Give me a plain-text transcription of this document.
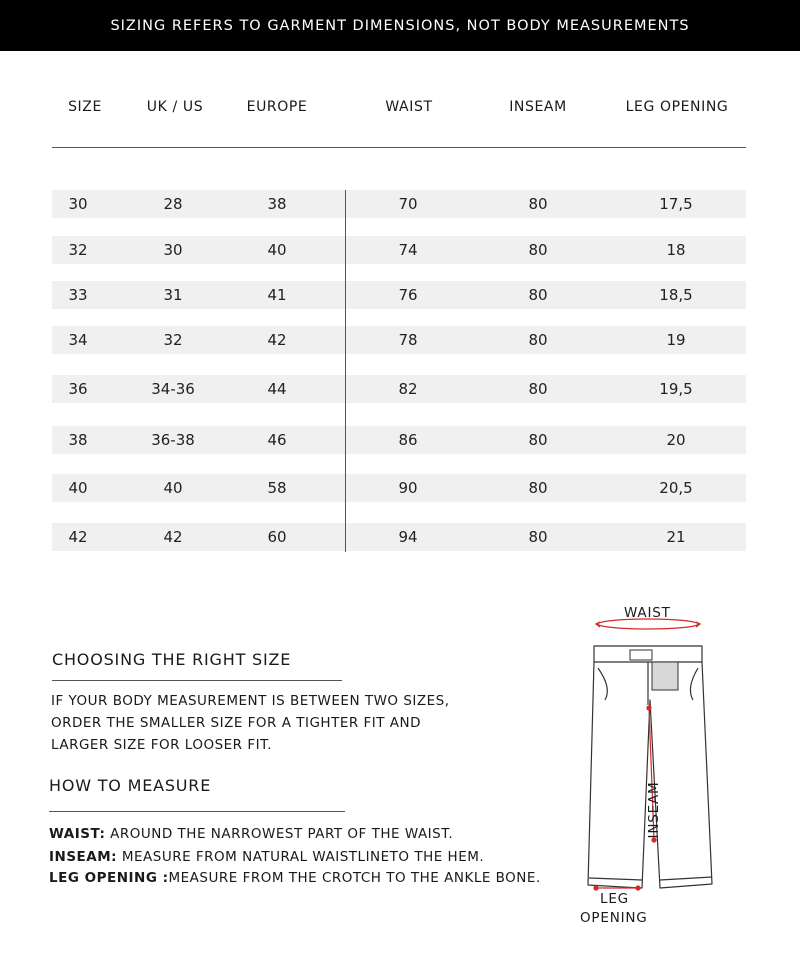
SIZING REFERS TO GARMENT DIMENSIONS, NOT BODY MEASUREMENTS
SIZE	UK / US	EUROPE	WAIST	INSEAM	LEG OPENING
30	28	38	70	80	17,5
32	30	40	74	80	18
33	31	41	76	80	18,5
34	32	42	78	80	19
36	34-36	44	82	80	19,5
38	36-38	46	86	80	20
40	40	58	90	80	20,5
42	42	60	94	80	21
CHOOSING THE RIGHT SIZE
IF YOUR BODY MEASUREMENT IS BETWEEN TWO SIZES,
ORDER THE SMALLER SIZE FOR A TIGHTER FIT AND
LARGER SIZE FOR LOOSER FIT.
HOW TO MEASURE
WAIST: AROUND THE NARROWEST PART OF THE WAIST.
INSEAM: MEASURE FROM NATURAL WAISTLINETO THE HEM.
LEG OPENING :MEASURE FROM THE CROTCH TO THE ANKLE BONE.
WAIST
INSEAM
LEG
OPENING
